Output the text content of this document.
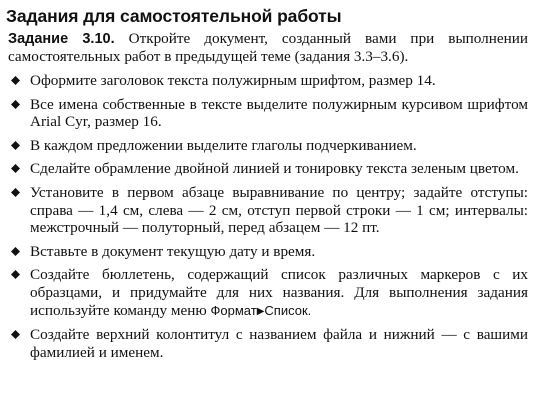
Задания для самостоятельной работы

Задание 3.10. Откройте документ, созданный вами при выполнении самостоятельных работ в предыдущей теме (задания 3.3–3.6).

Оформите заголовок текста полужирным шрифтом, размер 14.
Все имена собственные в тексте выделите полужирным курсивом шрифтом Arial Cyr, размер 16.
В каждом предложении выделите глаголы подчеркиванием.
Сделайте обрамление двойной линией и тонировку текста зеленым цветом.
Установите в первом абзаце выравнивание по центру; задайте отступы: справа — 1,4 см, слева — 2 см, отступ первой строки — 1 см; интервалы: межстрочный — полуторный, перед абзацем — 12 пт.
Вставьте в документ текущую дату и время.
Создайте бюллетень, содержащий список различных маркеров с их образцами, и придумайте для них названия. Для выполнения задания используйте команду меню Формат▶Список.
Создайте верхний колонтитул с названием файла и нижний — с вашими фамилией и именем.
